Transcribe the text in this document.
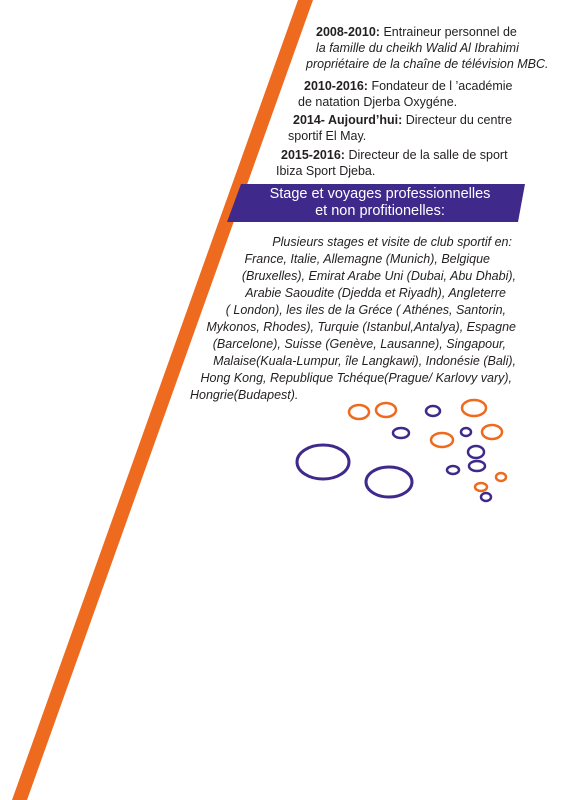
2008-2010: Entraineur personnel de
la famille du cheikh Walid Al Ibrahimi
propriétaire de la chaîne de télévision MBC.
2010-2016: Fondateur de l ’académie
de natation Djerba Oxygéne.
2014- Aujourd’hui: Directeur du centre
sportif El May.
2015-2016: Directeur de la salle de sport
Ibiza Sport Djeba.
Stage et voyages professionnelles
et non profitionelles:
Plusieurs stages et visite de club sportif en:
France, Italie, Allemagne (Munich), Belgique
(Bruxelles), Emirat Arabe Uni (Dubai, Abu Dhabi),
Arabie Saoudite (Djedda et Riyadh), Angleterre
( London), les iles de la Gréce ( Athénes, Santorin,
Mykonos, Rhodes), Turquie (Istanbul,Antalya), Espagne
(Barcelone), Suisse (Genève, Lausanne), Singapour,
Malaise(Kuala-Lumpur, île Langkawi), Indonésie (Bali),
Hong Kong, Republique Tchéque(Prague/ Karlovy vary),
Hongrie(Budapest).
